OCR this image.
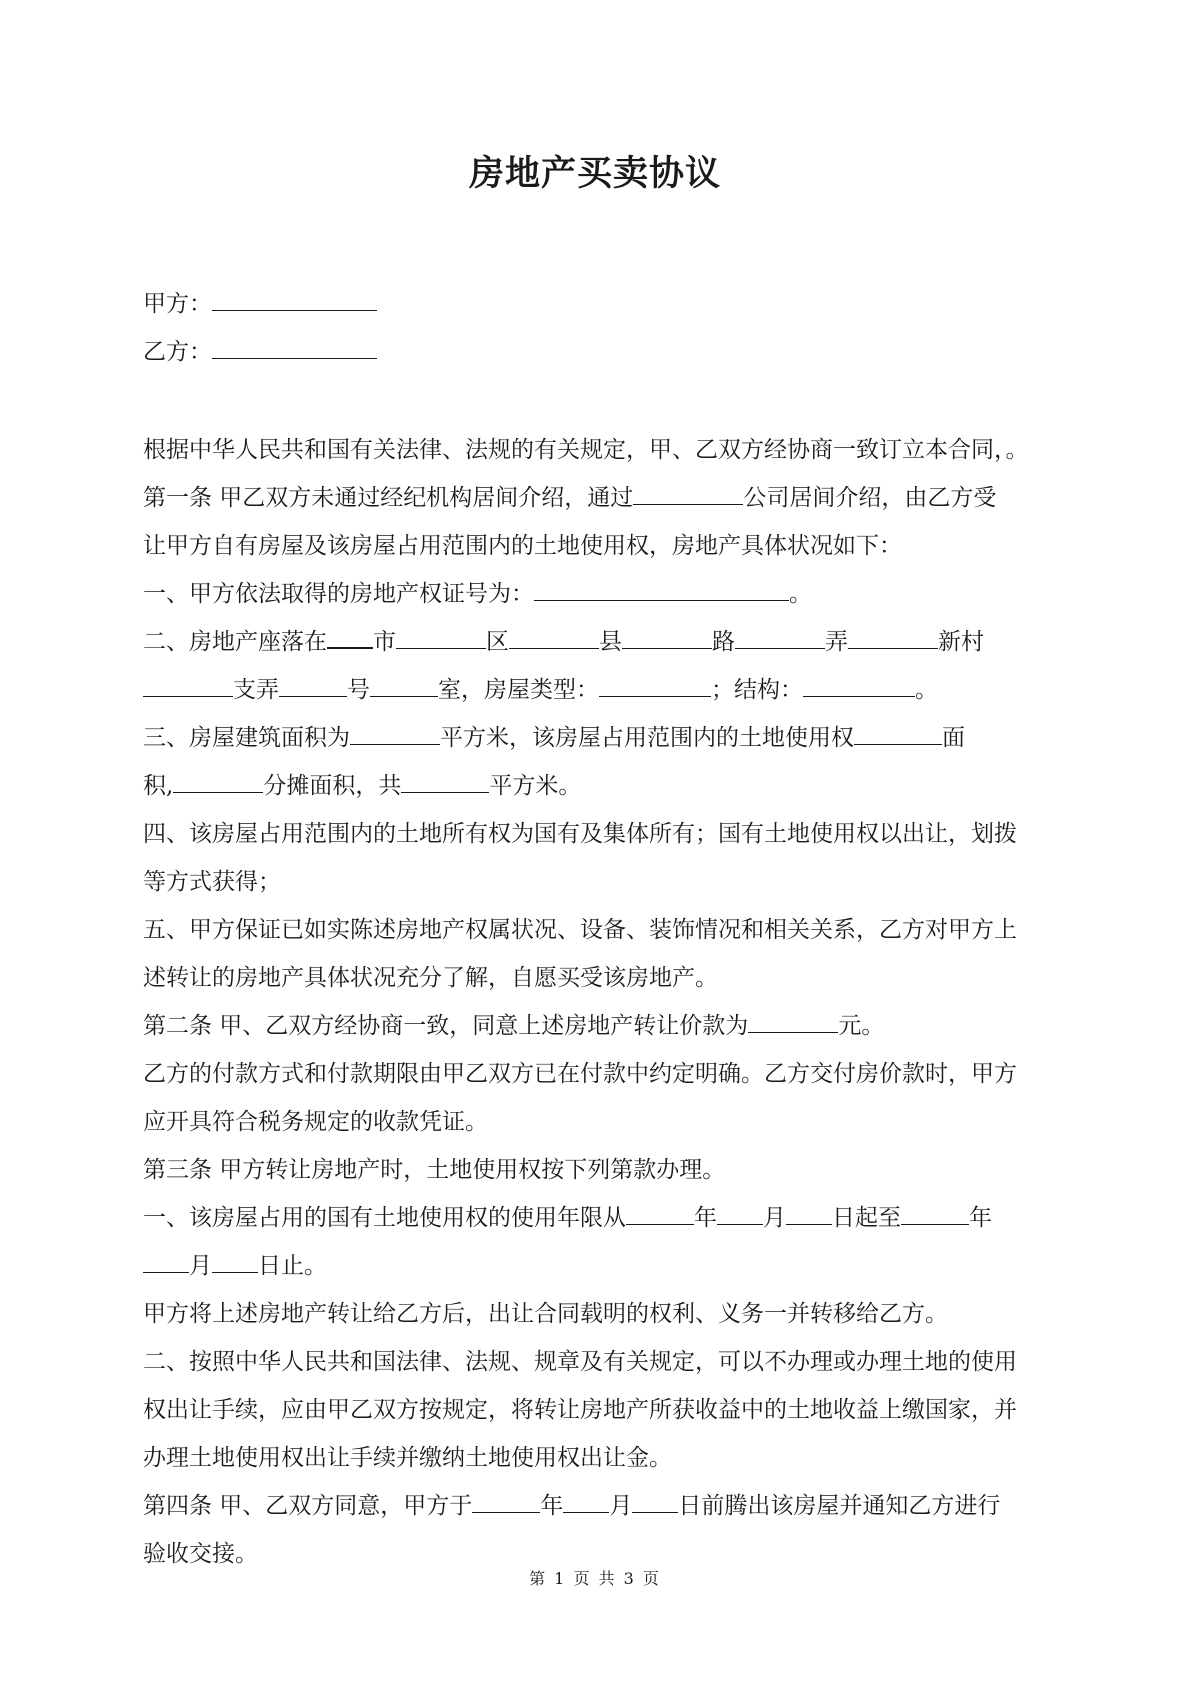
房地产买卖协议
甲方：
乙方：
根据中华人民共和国有关法律、法规的有关规定，甲、乙双方经协商一致订立本合同，。
第一条 甲乙双方未通过经纪机构居间介绍，通过	公司居间介绍，由乙方受
让甲方自有房屋及该房屋占用范围内的土地使用权，房地产具体状况如下：
一、甲方依法取得的房地产权证号为：	。
二、房地产座落在 市	区	县	路	弄	新村
支弄	号	室，房屋类型：	；结构：	。
三、房屋建筑面积为	平方米，该房屋占用范围内的土地使用权	面
积,	分摊面积，共	平方米。
四、该房屋占用范围内的土地所有权为国有及集体所有；国有土地使用权以出让，划拨
等方式获得；
五、甲方保证已如实陈述房地产权属状况、设备、装饰情况和相关关系，乙方对甲方上
述转让的房地产具体状况充分了解，自愿买受该房地产。
第二条 甲、乙双方经协商一致，同意上述房地产转让价款为	元。
乙方的付款方式和付款期限由甲乙双方已在付款中约定明确。乙方交付房价款时，甲方
应开具符合税务规定的收款凭证。
第三条 甲方转让房地产时，土地使用权按下列第款办理。
一、该房屋占用的国有土地使用权的使用年限从	年 月 日起至	年
月 日止。
甲方将上述房地产转让给乙方后，出让合同载明的权利、义务一并转移给乙方。
二、按照中华人民共和国法律、法规、规章及有关规定，可以不办理或办理土地的使用
权出让手续，应由甲乙双方按规定，将转让房地产所获收益中的土地收益上缴国家，并
办理土地使用权出让手续并缴纳土地使用权出让金。
第四条 甲、乙双方同意，甲方于	年 月 日前腾出该房屋并通知乙方进行
验收交接。
第 1 页 共 3 页
